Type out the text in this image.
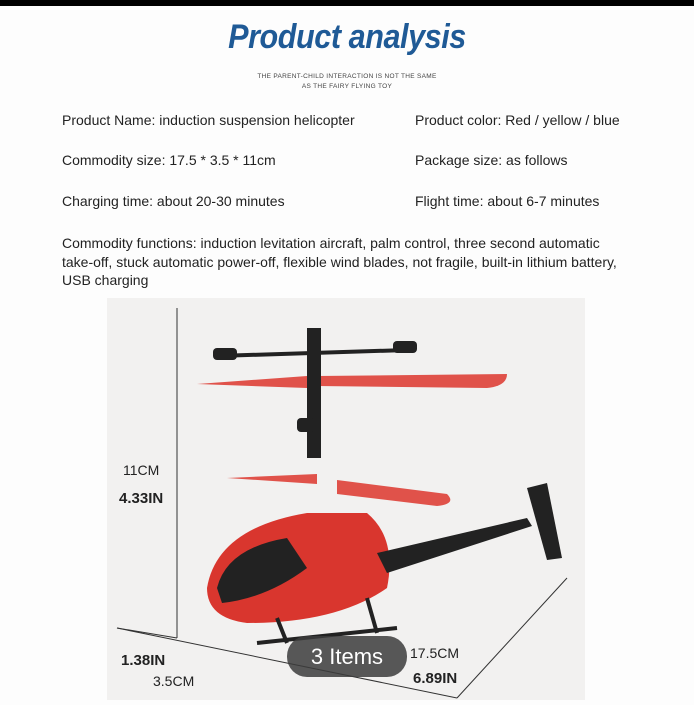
Product analysis
THE PARENT-CHILD INTERACTION IS NOT THE SAME
AS THE FAIRY FLYING TOY
Product Name: induction suspension helicopter	Product color: Red / yellow / blue
Commodity size: 17.5 * 3.5 * 11cm	Package size: as follows
Charging time: about 20-30 minutes	Flight time: about 6-7 minutes
Commodity functions: induction levitation aircraft, palm control, three second automatic take-off, stuck automatic power-off, flexible wind blades, not fragile, built-in lithium battery, USB charging
11CM
4.33IN
1.38IN
3.5CM
17.5CM
6.89IN
3 Items
